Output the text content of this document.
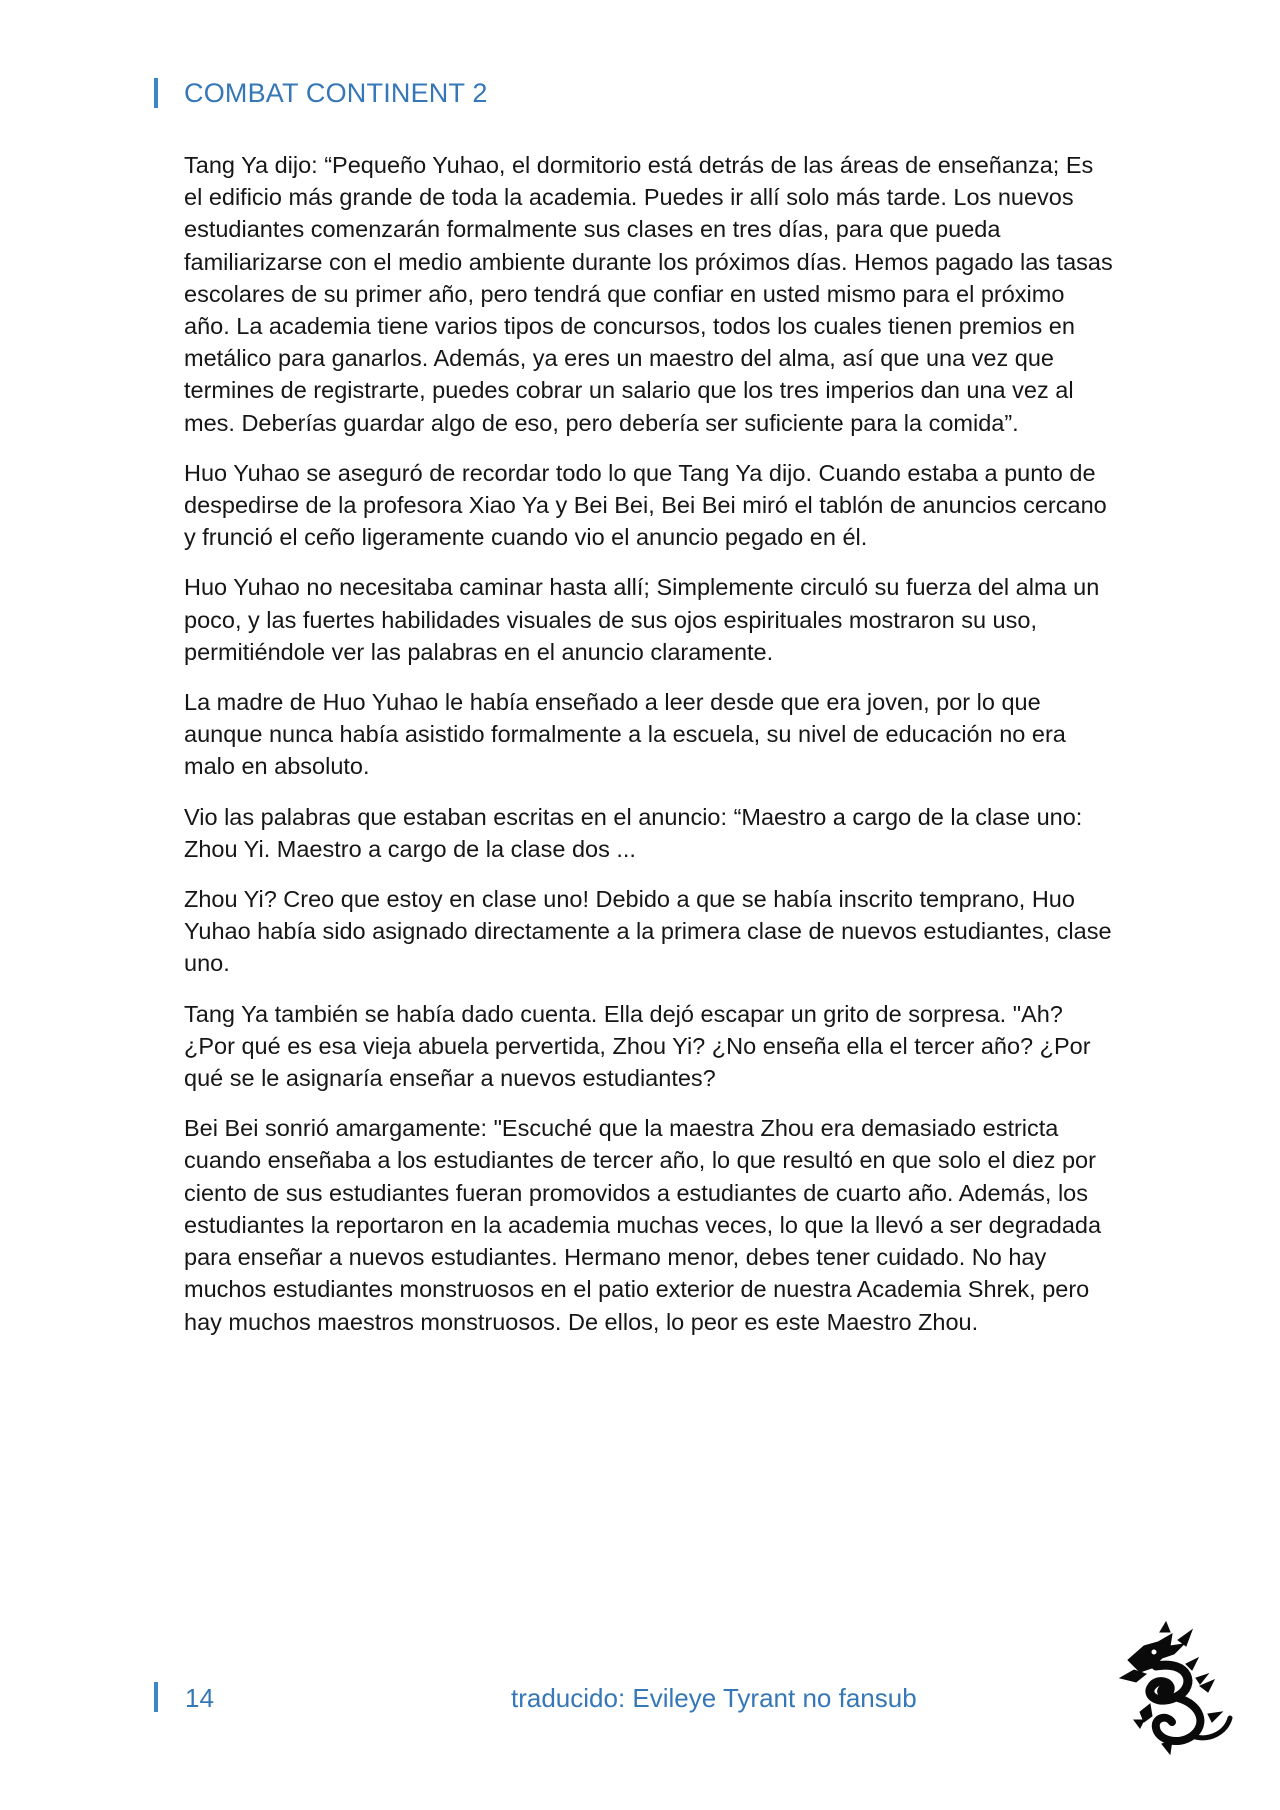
COMBAT CONTINENT 2

Tang Ya dijo: “Pequeño Yuhao, el dormitorio está detrás de las áreas de enseñanza; Es el edificio más grande de toda la academia. Puedes ir allí solo más tarde. Los nuevos estudiantes comenzarán formalmente sus clases en tres días, para que pueda familiarizarse con el medio ambiente durante los próximos días. Hemos pagado las tasas escolares de su primer año, pero tendrá que confiar en usted mismo para el próximo año. La academia tiene varios tipos de concursos, todos los cuales tienen premios en metálico para ganarlos. Además, ya eres un maestro del alma, así que una vez que termines de registrarte, puedes cobrar un salario que los tres imperios dan una vez al mes. Deberías guardar algo de eso, pero debería ser suficiente para la comida”.

Huo Yuhao se aseguró de recordar todo lo que Tang Ya dijo. Cuando estaba a punto de despedirse de la profesora Xiao Ya y Bei Bei, Bei Bei miró el tablón de anuncios cercano y frunció el ceño ligeramente cuando vio el anuncio pegado en él.

Huo Yuhao no necesitaba caminar hasta allí; Simplemente circuló su fuerza del alma un poco, y las fuertes habilidades visuales de sus ojos espirituales mostraron su uso, permitiéndole ver las palabras en el anuncio claramente.

La madre de Huo Yuhao le había enseñado a leer desde que era joven, por lo que aunque nunca había asistido formalmente a la escuela, su nivel de educación no era malo en absoluto.

Vio las palabras que estaban escritas en el anuncio: “Maestro a cargo de la clase uno: Zhou Yi. Maestro a cargo de la clase dos ...

Zhou Yi? Creo que estoy en clase uno! Debido a que se había inscrito temprano, Huo Yuhao había sido asignado directamente a la primera clase de nuevos estudiantes, clase uno.

Tang Ya también se había dado cuenta. Ella dejó escapar un grito de sorpresa. "Ah? ¿Por qué es esa vieja abuela pervertida, Zhou Yi? ¿No enseña ella el tercer año? ¿Por qué se le asignaría enseñar a nuevos estudiantes?

Bei Bei sonrió amargamente: "Escuché que la maestra Zhou era demasiado estricta cuando enseñaba a los estudiantes de tercer año, lo que resultó en que solo el diez por ciento de sus estudiantes fueran promovidos a estudiantes de cuarto año. Además, los estudiantes la reportaron en la academia muchas veces, lo que la llevó a ser degradada para enseñar a nuevos estudiantes. Hermano menor, debes tener cuidado. No hay muchos estudiantes monstruosos en el patio exterior de nuestra Academia Shrek, pero hay muchos maestros monstruosos. De ellos, lo peor es este Maestro Zhou.

14	traducido: Evileye Tyrant no fansub
